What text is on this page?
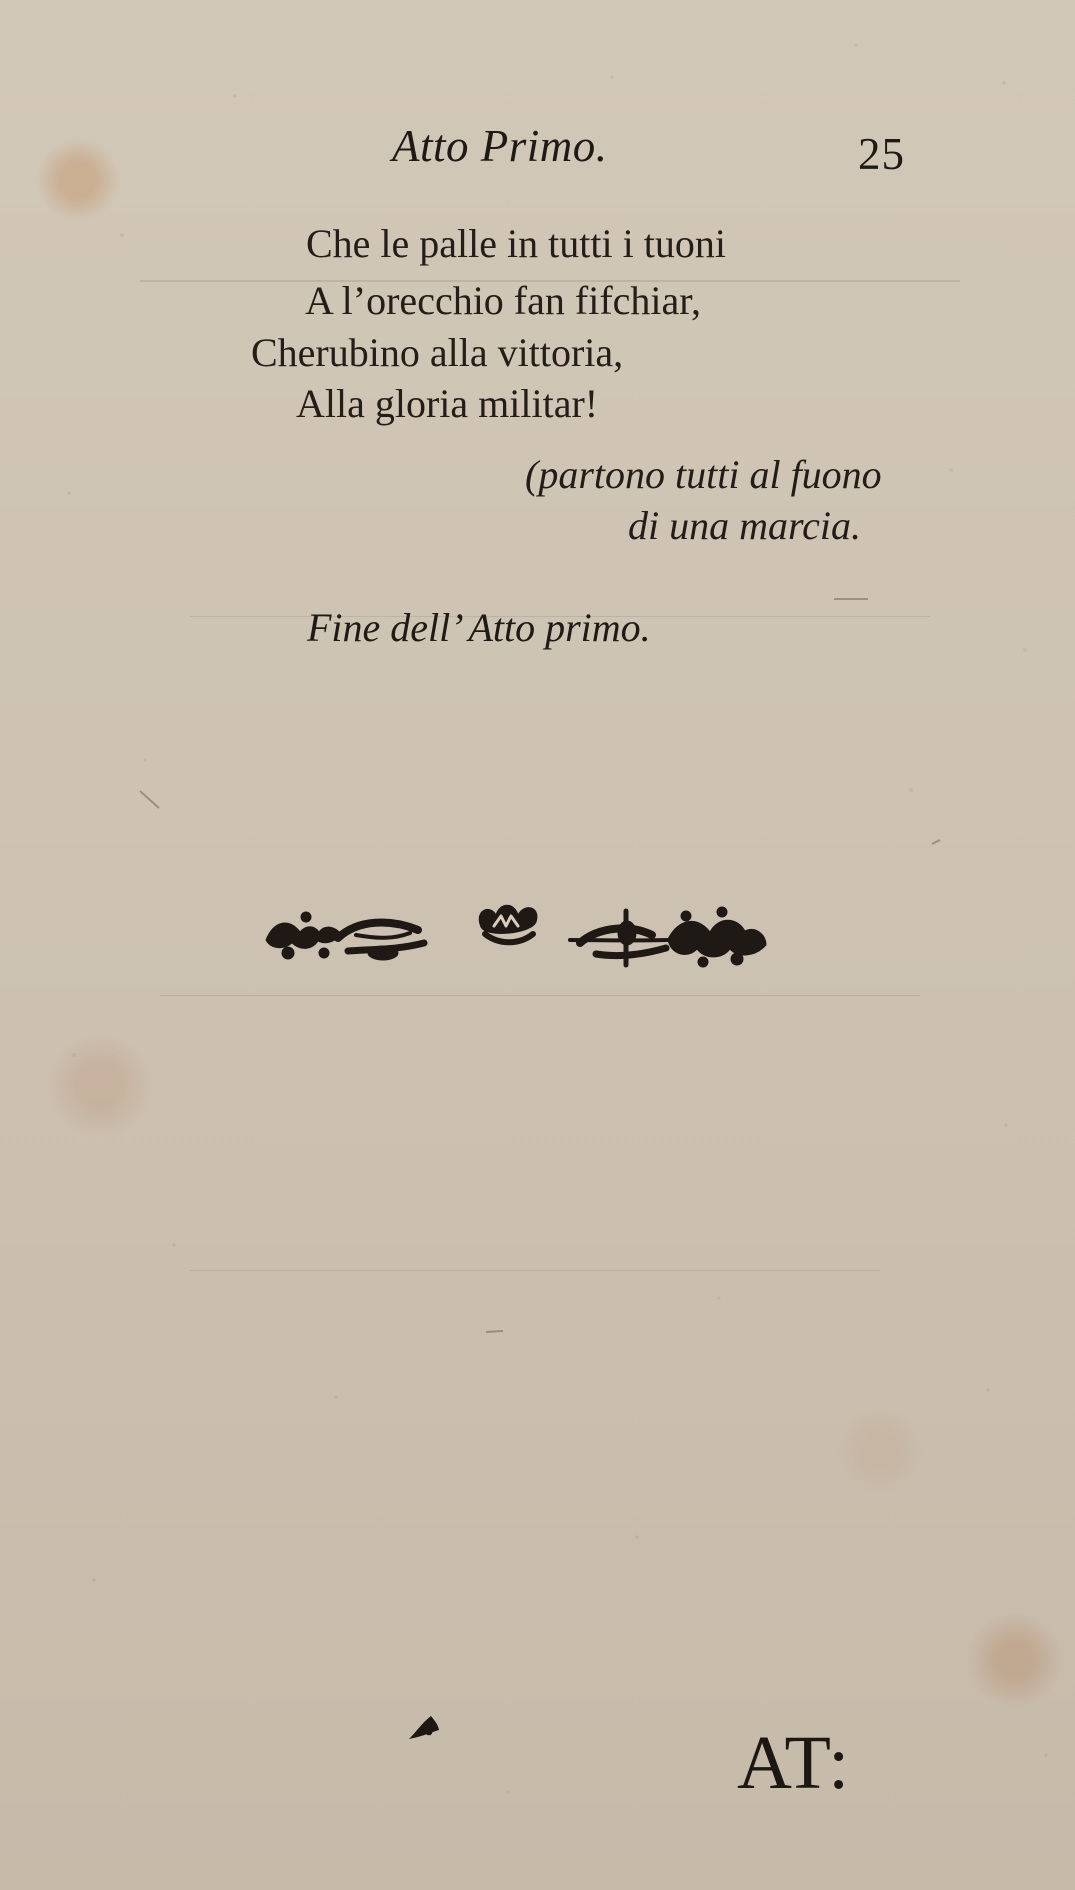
Atto Primo.	25
Che le palle in tutti i tuoni
A l’orecchio fan fifchiar,
Cherubino alla vittoria,
Alla gloria militar!
(partono tutti al fuono
di una marcia.
Fine dell’ Atto primo.
AT:
